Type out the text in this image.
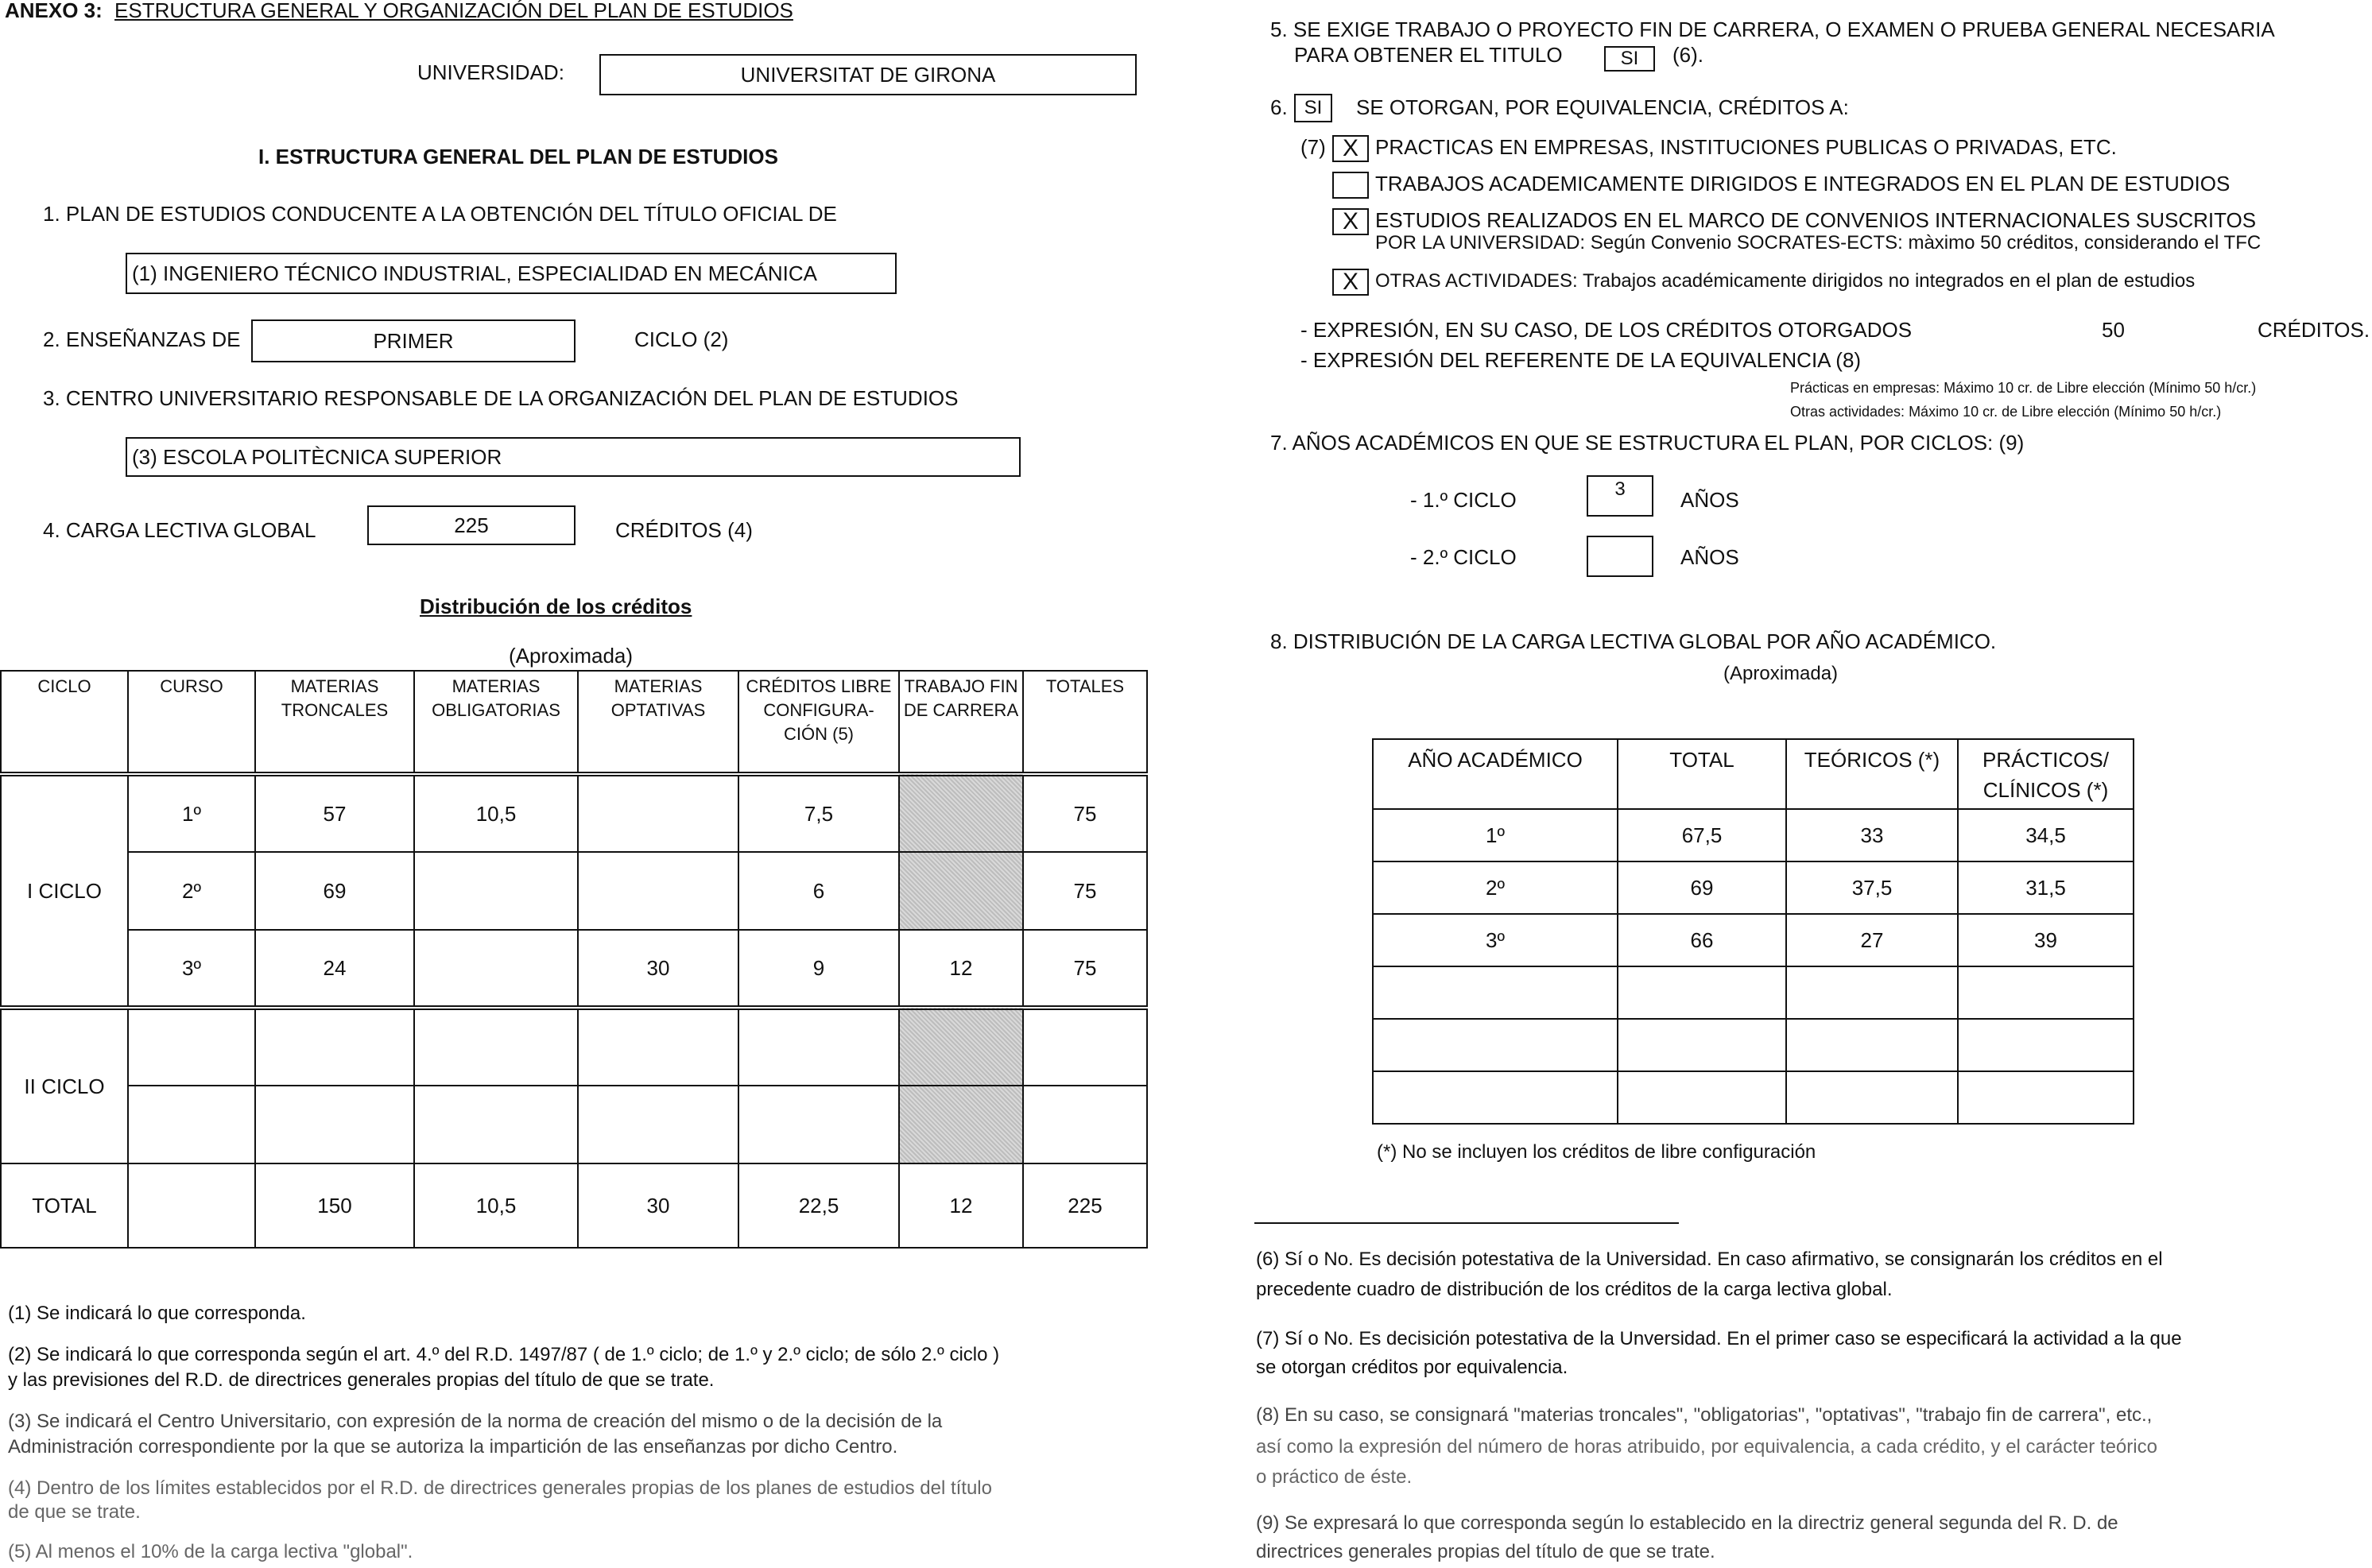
ANEXO 3: ESTRUCTURA GENERAL Y ORGANIZACIÓN DEL PLAN DE ESTUDIOS
UNIVERSIDAD:	UNIVERSITAT DE GIRONA
I. ESTRUCTURA GENERAL DEL PLAN DE ESTUDIOS
1. PLAN DE ESTUDIOS CONDUCENTE A LA OBTENCIÓN DEL TÍTULO OFICIAL DE
(1) INGENIERO TÉCNICO INDUSTRIAL, ESPECIALIDAD EN MECÁNICA
2. ENSEÑANZAS DE	PRIMER	CICLO (2)
3. CENTRO UNIVERSITARIO RESPONSABLE DE LA ORGANIZACIÓN DEL PLAN DE ESTUDIOS
(3) ESCOLA POLITÈCNICA SUPERIOR
4. CARGA LECTIVA GLOBAL	225	CRÉDITOS (4)
Distribución de los créditos
(Aproximada)
CICLO	CURSO	MATERIAS TRONCALES	MATERIAS OBLIGATORIAS	MATERIAS OPTATIVAS	CRÉDITOS LIBRE CONFIGURA- CIÓN (5)	TRABAJO FIN DE CARRERA	TOTALES
I CICLO	1º	57	10,5		7,5		75
	2º	69			6		75
	3º	24		30	9	12	75
II CICLO							

TOTAL		150	10,5	30	22,5	12	225
(1) Se indicará lo que corresponda.
(2) Se indicará lo que corresponda según el art. 4.º del R.D. 1497/87 ( de 1.º ciclo; de 1.º y 2.º ciclo; de sólo 2.º ciclo )
y las previsiones del R.D. de directrices generales propias del título de que se trate.
(3) Se indicará el Centro Universitario, con expresión de la norma de creación del mismo o de la decisión de la
Administración correspondiente por la que se autoriza la impartición de las enseñanzas por dicho Centro.
(4) Dentro de los límites establecidos por el R.D. de directrices generales propias de los planes de estudios del título
de que se trate.
(5) Al menos el 10% de la carga lectiva "global".
5. SE EXIGE TRABAJO O PROYECTO FIN DE CARRERA, O EXAMEN O PRUEBA GENERAL NECESARIA
PARA OBTENER EL TITULO	SI (6).
6. SI SE OTORGAN, POR EQUIVALENCIA, CRÉDITOS A:
(7) X PRACTICAS EN EMPRESAS, INSTITUCIONES PUBLICAS O PRIVADAS, ETC.
TRABAJOS ACADEMICAMENTE DIRIGIDOS E INTEGRADOS EN EL PLAN DE ESTUDIOS
X ESTUDIOS REALIZADOS EN EL MARCO DE CONVENIOS INTERNACIONALES SUSCRITOS
POR LA UNIVERSIDAD: Según Convenio SOCRATES-ECTS: màximo 50 créditos, considerando el TFC
X OTRAS ACTIVIDADES: Trabajos académicamente dirigidos no integrados en el plan de estudios
- EXPRESIÓN, EN SU CASO, DE LOS CRÉDITOS OTORGADOS	50	CRÉDITOS.
- EXPRESIÓN DEL REFERENTE DE LA EQUIVALENCIA (8)
Prácticas en empresas: Máximo 10 cr. de Libre elección (Mínimo 50 h/cr.)
Otras actividades: Máximo 10 cr. de Libre elección (Mínimo 50 h/cr.)
7. AÑOS ACADÉMICOS EN QUE SE ESTRUCTURA EL PLAN, POR CICLOS: (9)
- 1.º CICLO	3	AÑOS
- 2.º CICLO	AÑOS
8. DISTRIBUCIÓN DE LA CARGA LECTIVA GLOBAL POR AÑO ACADÉMICO.
(Aproximada)
AÑO ACADÉMICO	TOTAL	TEÓRICOS (*)	PRÁCTICOS/ CLÍNICOS (*)
1º	67,5	33	34,5
2º	69	37,5	31,5
3º	66	27	39

(*) No se incluyen los créditos de libre configuración
(6) Sí o No. Es decisión potestativa de la Universidad. En caso afirmativo, se consignarán los créditos en el
precedente cuadro de distribución de los créditos de la carga lectiva global.
(7) Sí o No. Es decisición potestativa de la Unversidad. En el primer caso se especificará la actividad a la que
se otorgan créditos por equivalencia.
(8) En su caso, se consignará "materias troncales", "obligatorias", "optativas", "trabajo fin de carrera", etc.,
así como la expresión del número de horas atribuido, por equivalencia, a cada crédito, y el carácter teórico
o práctico de éste.
(9) Se expresará lo que corresponda según lo establecido en la directriz general segunda del R. D. de
directrices generales propias del título de que se trate.
